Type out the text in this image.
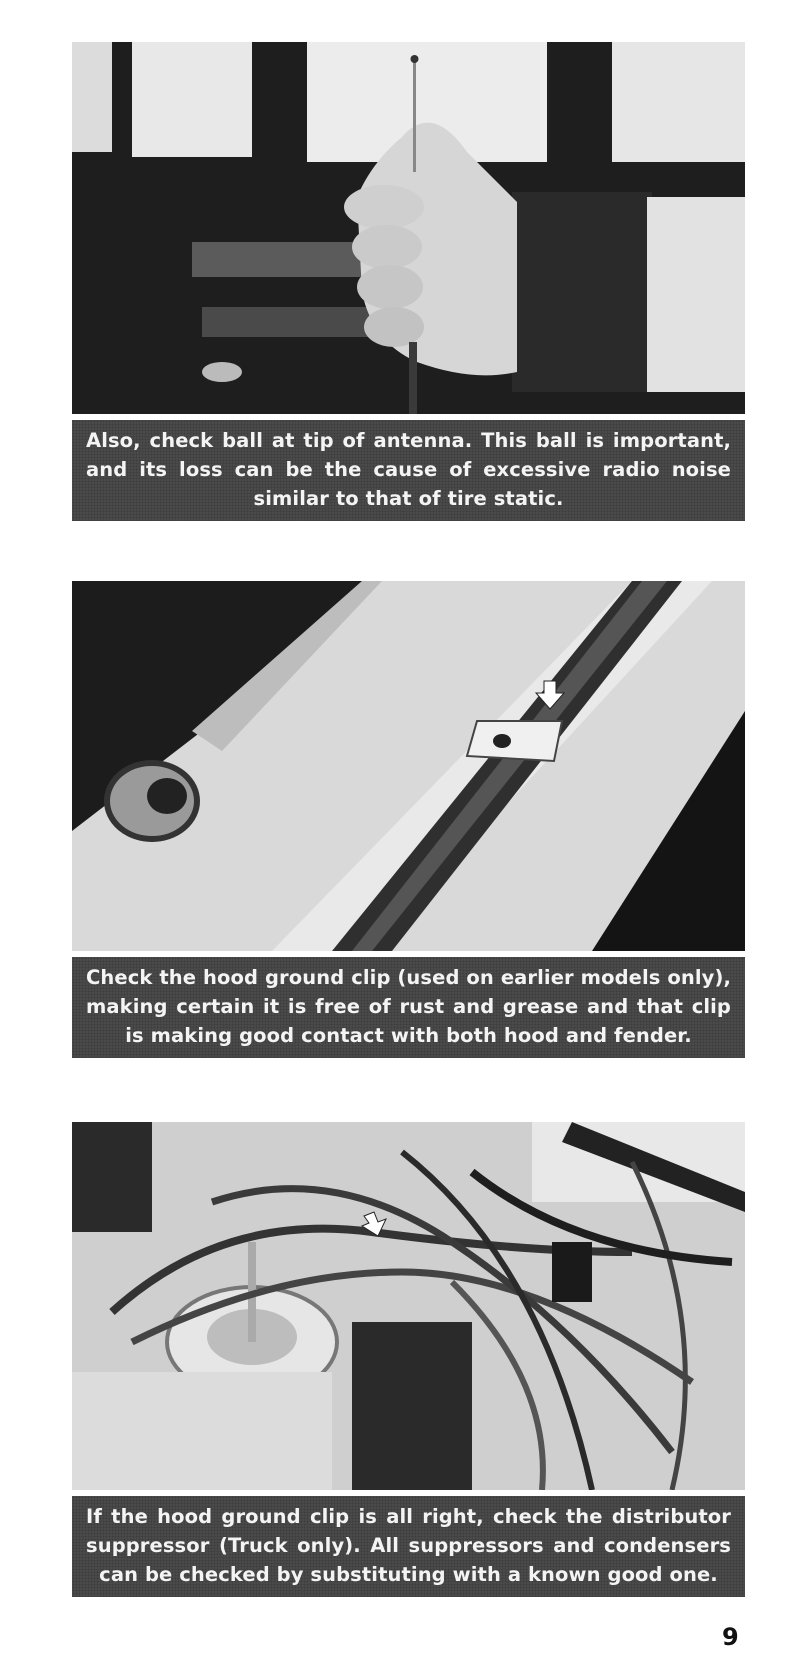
Also, check ball at tip of antenna. This ball is important,
and its loss can be the cause of excessive radio noise
similar to that of tire static.
Check the hood ground clip (used on earlier models only),
making certain it is free of rust and grease and that clip
is making good contact with both hood and fender.
If the hood ground clip is all right, check the distributor
suppressor (Truck only). All suppressors and condensers
can be checked by substituting with a known good one.
9
